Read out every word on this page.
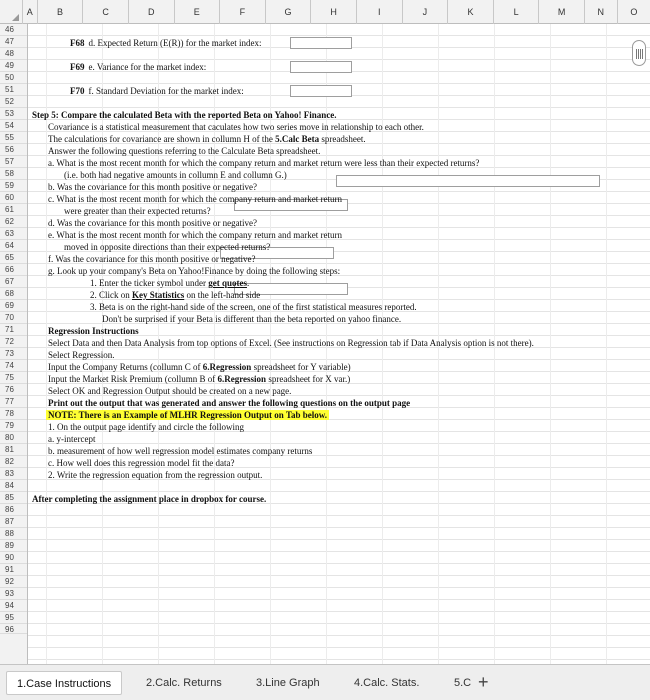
A	B	C	D	E	F	G	H	I	J	K	L	M	N	O
46
47
48
49
50
51
52
53
54
55
56
57
58
59
60
61
62
63
64
65
66
67
68
69
70
71
72
73
74
75
76
77
78
79
80
81
82
83
84
85
86
87
88
89
90
91
92
93
94
95
96
F68 d. Expected Return (E(R)) for the market index:
F69 e. Variance for the market index:
F70 f. Standard Deviation for the market index:
Step 5: Compare the calculated Beta with the reported Beta on Yahoo! Finance.
Covariance is a statistical measurement that caculates how two series move in relationship to each other.
The calculations for covariance are shown in collumn H of the 5.Calc Beta spreadsheet.
Answer the following questions referring to the Calculate Beta spreadsheet.
a. What is the most recent month for which the company return and market return were less than their expected returns?
(i.e. both had negative amounts in collumn E and collumn G.)
b. Was the covariance for this month positive or negative?
c. What is the most recent month for which the company return and market return
were greater than their expected returns?
d. Was the covariance for this month positive or negative?
e. What is the most recent month for which the company return and market return
moved in opposite directions than their expected returns?
f. Was the covariance for this month positive or negative?
g. Look up your company's Beta on Yahoo!Finance by doing the following steps:
1. Enter the ticker symbol under get quotes.
2. Click on Key Statistics on the left-hand side
3. Beta is on the right-hand side of the screen, one of the first statistical measures reported.
Don't be surprised if your Beta is different than the beta reported on yahoo finance.
Regression Instructions
Select Data and then Data Analysis from top options of Excel. (See instructions on Regression tab if Data Analysis option is not there).
Select Regression.
Input the Company Returns (collumn C of 6.Regression spreadsheet for Y variable)
Input the Market Risk Premium (collumn B of 6.Regression spreadsheet for X var.)
Select OK and Regression Output should be created on a new page.
Print out the output that was generated and answer the following questions on the output page
NOTE: There is an Example of MLHR Regression Output on Tab below.
1. On the output page identify and circle the following
a. y-intercept
b. measurement of how well regression model estimates company returns
c. How well does this regression model fit the data?
2. Write the regression equation from the regression output.
After completing the assignment place in dropbox for course.
1.Case Instructions	2.Calc. Returns	3.Line Graph	4.Calc. Stats.	5.C +
